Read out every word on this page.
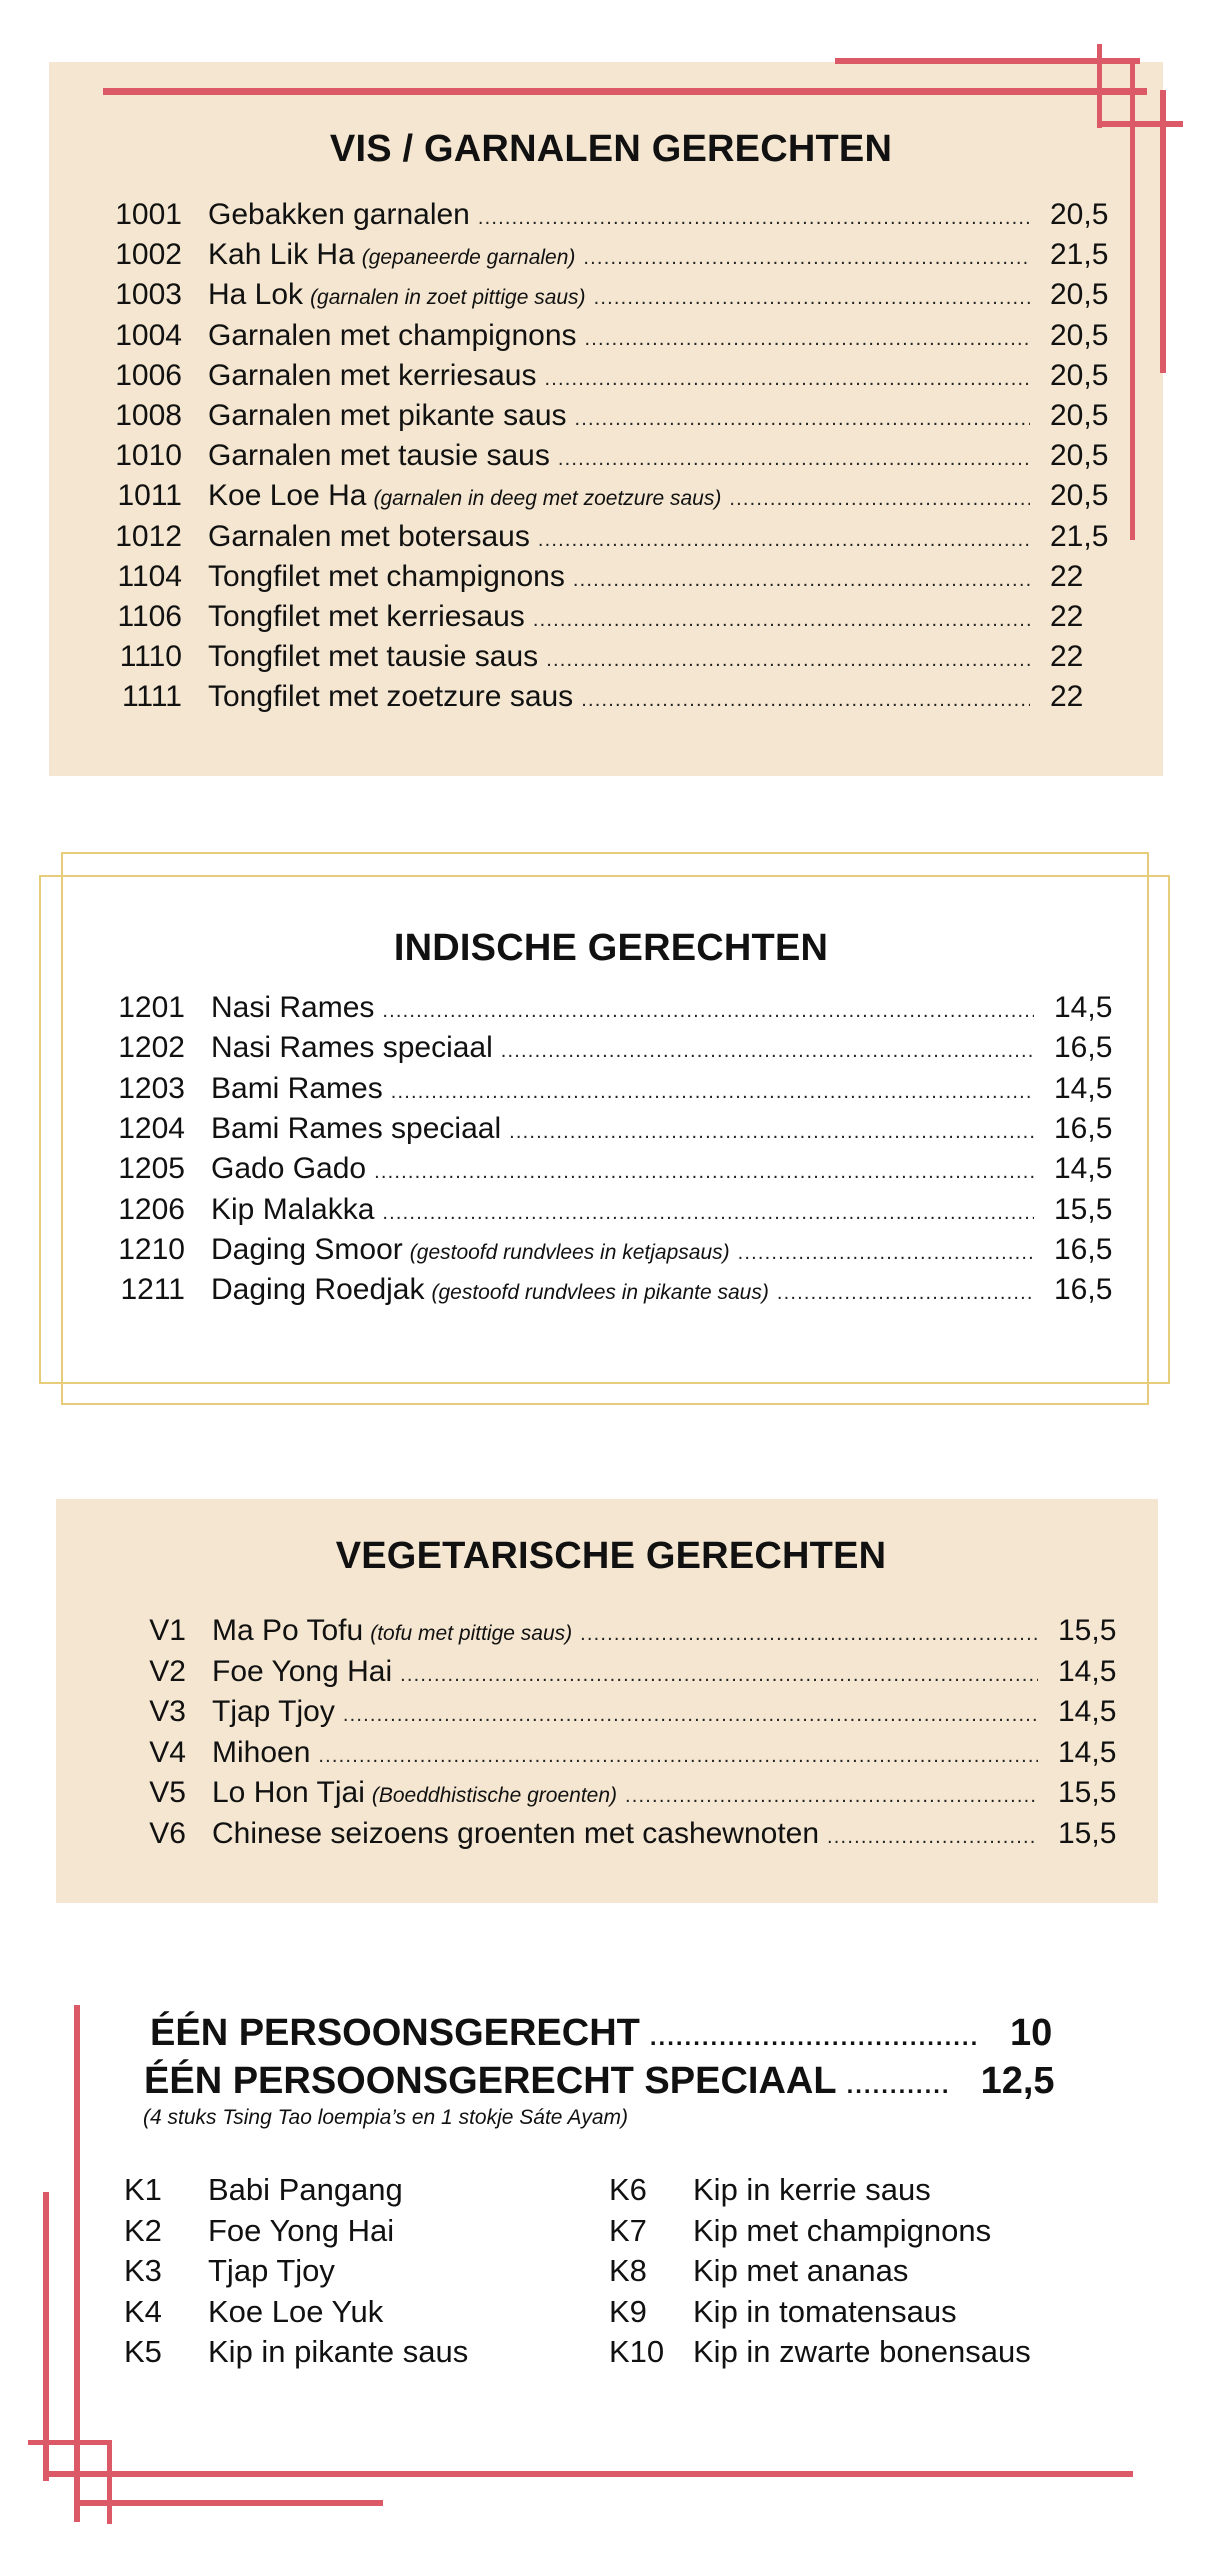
VIS / GARNALEN GERECHTEN
1001 Gebakken garnalen .....	20,5
1002 Kah Lik Ha (gepaneerde garnalen) .....	21,5
1003 Ha Lok (garnalen in zoet pittige saus) .....	20,5
1004 Garnalen met champignons .....	20,5
1006 Garnalen met kerriesaus .....	20,5
1008 Garnalen met pikante saus .....	20,5
1010 Garnalen met tausie saus .....	20,5
1011 Koe Loe Ha (garnalen in deeg met zoetzure saus) .....	20,5
1012 Garnalen met botersaus .....	21,5
1104 Tongfilet met champignons .....	22
1106 Tongfilet met kerriesaus .....	22
1110 Tongfilet met tausie saus .....	22
1111 Tongfilet met zoetzure saus .....	22
INDISCHE GERECHTEN
1201 Nasi Rames .....	14,5
1202 Nasi Rames speciaal .....	16,5
1203 Bami Rames .....	14,5
1204 Bami Rames speciaal .....	16,5
1205 Gado Gado .....	14,5
1206 Kip Malakka .....	15,5
1210 Daging Smoor (gestoofd rundvlees in ketjapsaus) .....	16,5
1211 Daging Roedjak (gestoofd rundvlees in pikante saus) .....	16,5
VEGETARISCHE GERECHTEN
V1 Ma Po Tofu (tofu met pittige saus) .....	15,5
V2 Foe Yong Hai .....	14,5
V3 Tjap Tjoy .....	14,5
V4 Mihoen .....	14,5
V5 Lo Hon Tjai (Boeddhistische groenten) .....	15,5
V6 Chinese seizoens groenten met cashewnoten .....	15,5
ÉÉN PERSOONSGERECHT .....	10
ÉÉN PERSOONSGERECHT SPECIAAL .....	12,5
(4 stuks Tsing Tao loempia’s en 1 stokje Sáte Ayam)
K1 Babi Pangang
K2 Foe Yong Hai
K3 Tjap Tjoy
K4 Koe Loe Yuk
K5 Kip in pikante saus
K6 Kip in kerrie saus
K7 Kip met champignons
K8 Kip met ananas
K9 Kip in tomatensaus
K10 Kip in zwarte bonensaus
